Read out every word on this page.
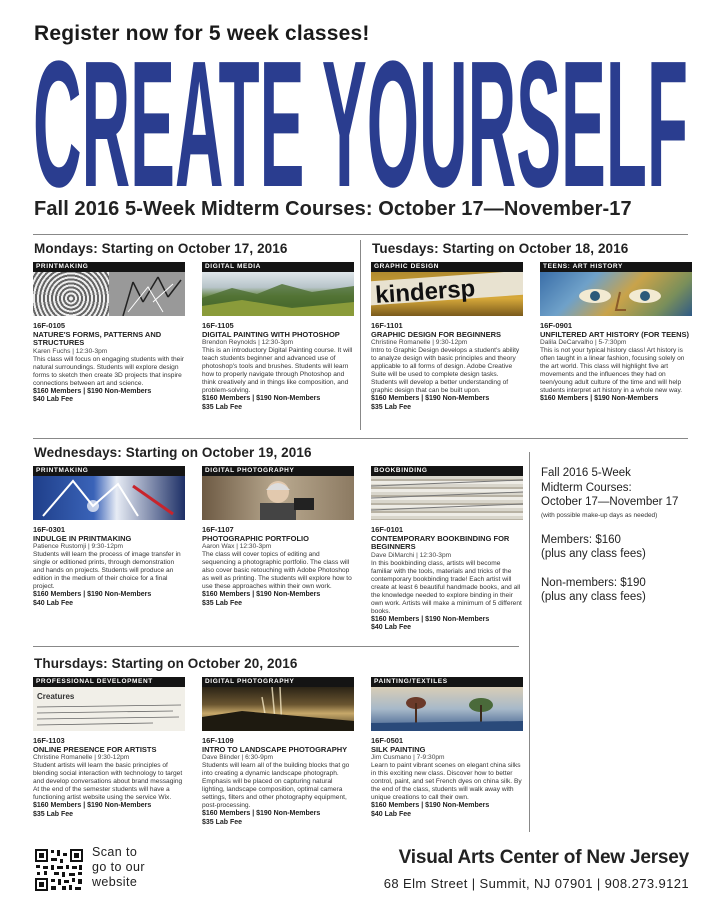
Register now for 5 week classes!
CREATE YOURSELF
Fall 2016 5-Week Midterm Courses: October 17—November-17
Mondays: Starting on October 17, 2016	Tuesdays: Starting on October 18, 2016
PRINTMAKING
16F-0105
NATURE'S FORMS, PATTERNS AND STRUCTURES
Karen Fuchs | 12:30-3pm
This class will focus on engaging students with their natural surroundings. Students will explore design forms to sketch then create 3D projects that inspire connections between art and science.
$160 Members | $190 Non-Members
$40 Lab Fee
DIGITAL MEDIA
16F-1105
DIGITAL PAINTING WITH PHOTOSHOP
Brendon Reynolds | 12:30-3pm
This is an introductory Digital Painting course. It will teach students beginner and advanced use of photoshop's tools and brushes. Students will learn how to properly navigate through Photoshop and think creatively and in things like composition, and problem-solving.
$160 Members | $190 Non-Members
$35 Lab Fee
GRAPHIC DESIGN
kindersp
16F-1101
GRAPHIC DESIGN FOR BEGINNERS
Christine Romanelle | 9:30-12pm
Intro to Graphic Design develops a student's ability to analyze design with basic principles and theory applicable to all forms of design. Adobe Creative Suite will be used to complete design tasks. Students will develop a better understanding of graphic design that can be built upon.
$160 Members | $190 Non-Members
$35 Lab Fee
TEENS: ART HISTORY
16F-0901
UNFILTERED ART HISTORY (FOR TEENS)
Dalila DeCarvalho | 5-7:30pm
This is not your typical history class! Art history is often taught in a linear fashion, focusing solely on the art world. This class will highlight five art movements and the influences they had on teen/young adult culture of the time and will help students interpret art history in a whole new way.
$160 Members | $190 Non-Members
Wednesdays: Starting on October 19, 2016
PRINTMAKING
16F-0301
INDULGE IN PRINTMAKING
Patience Rustomji | 9:30-12pm
Students will learn the process of image transfer in single or editioned prints, through demonstration and hands on projects. Students will produce an edition in the medium of their choice for a final project.
$160 Members | $190 Non-Members
$40 Lab Fee
DIGITAL PHOTOGRAPHY
16F-1107
PHOTOGRAPHIC PORTFOLIO
Aaron Wax | 12:30-3pm
The class will cover topics of editing and sequencing a photographic portfolio. The class will also cover basic retouching with Adobe Photoshop as well as printing. The students will explore how to use these approaches within their own work.
$160 Members | $190 Non-Members
$35 Lab Fee
BOOKBINDING
16F-0101
CONTEMPORARY BOOKBINDING FOR BEGINNERS
Dave DiMarchi | 12:30-3pm
In this bookbinding class, artists will become familiar with the tools, materials and tricks of the contemporary bookbinding trade! Each artist will create at least 6 beautiful handmade books, and all the knowledge needed to explore binding in their own work. Artists will make a minimum of 5 different books.
$160 Members | $190 Non-Members
$40 Lab Fee
Fall 2016 5-Week
Midterm Courses:
October 17—November 17
(with possible make-up days as needed)
Members: $160
(plus any class fees)
Non-members: $190
(plus any class fees)
Thursdays: Starting on October 20, 2016
PROFESSIONAL DEVELOPMENT
Creatures
16F-1103
ONLINE PRESENCE FOR ARTISTS
Christine Romanelle | 9:30-12pm
Student artists will learn the basic principles of blending social interaction with technology to target and develop conversations about brand messaging At the end of the semester students will have a functioning artist website using the service Wix.
$160 Members | $190 Non-Members
$35 Lab Fee
DIGITAL PHOTOGRAPHY
16F-1109
INTRO TO LANDSCAPE PHOTOGRAPHY
Dave Blinder | 6:30-9pm
Students will learn all of the building blocks that go into creating a dynamic landscape photograph. Emphasis will be placed on capturing natural lighting, landscape composition, optimal camera settings, filters and other photography equipment, post-processing.
$160 Members | $190 Non-Members
$35 Lab Fee
PAINTING/TEXTILES
16F-0501
SILK PAINTING
Jim Cusmano | 7-9:30pm
Learn to paint vibrant scenes on elegant china silks in this exciting new class. Discover how to better control, paint, and set French dyes on china silk. By the end of the class, students will walk away with unique creations to call their own.
$160 Members | $190 Non-Members
$40 Lab Fee
Scan to
go to our
website
Visual Arts Center of New Jersey
68 Elm Street | Summit, NJ 07901 | 908.273.9121
